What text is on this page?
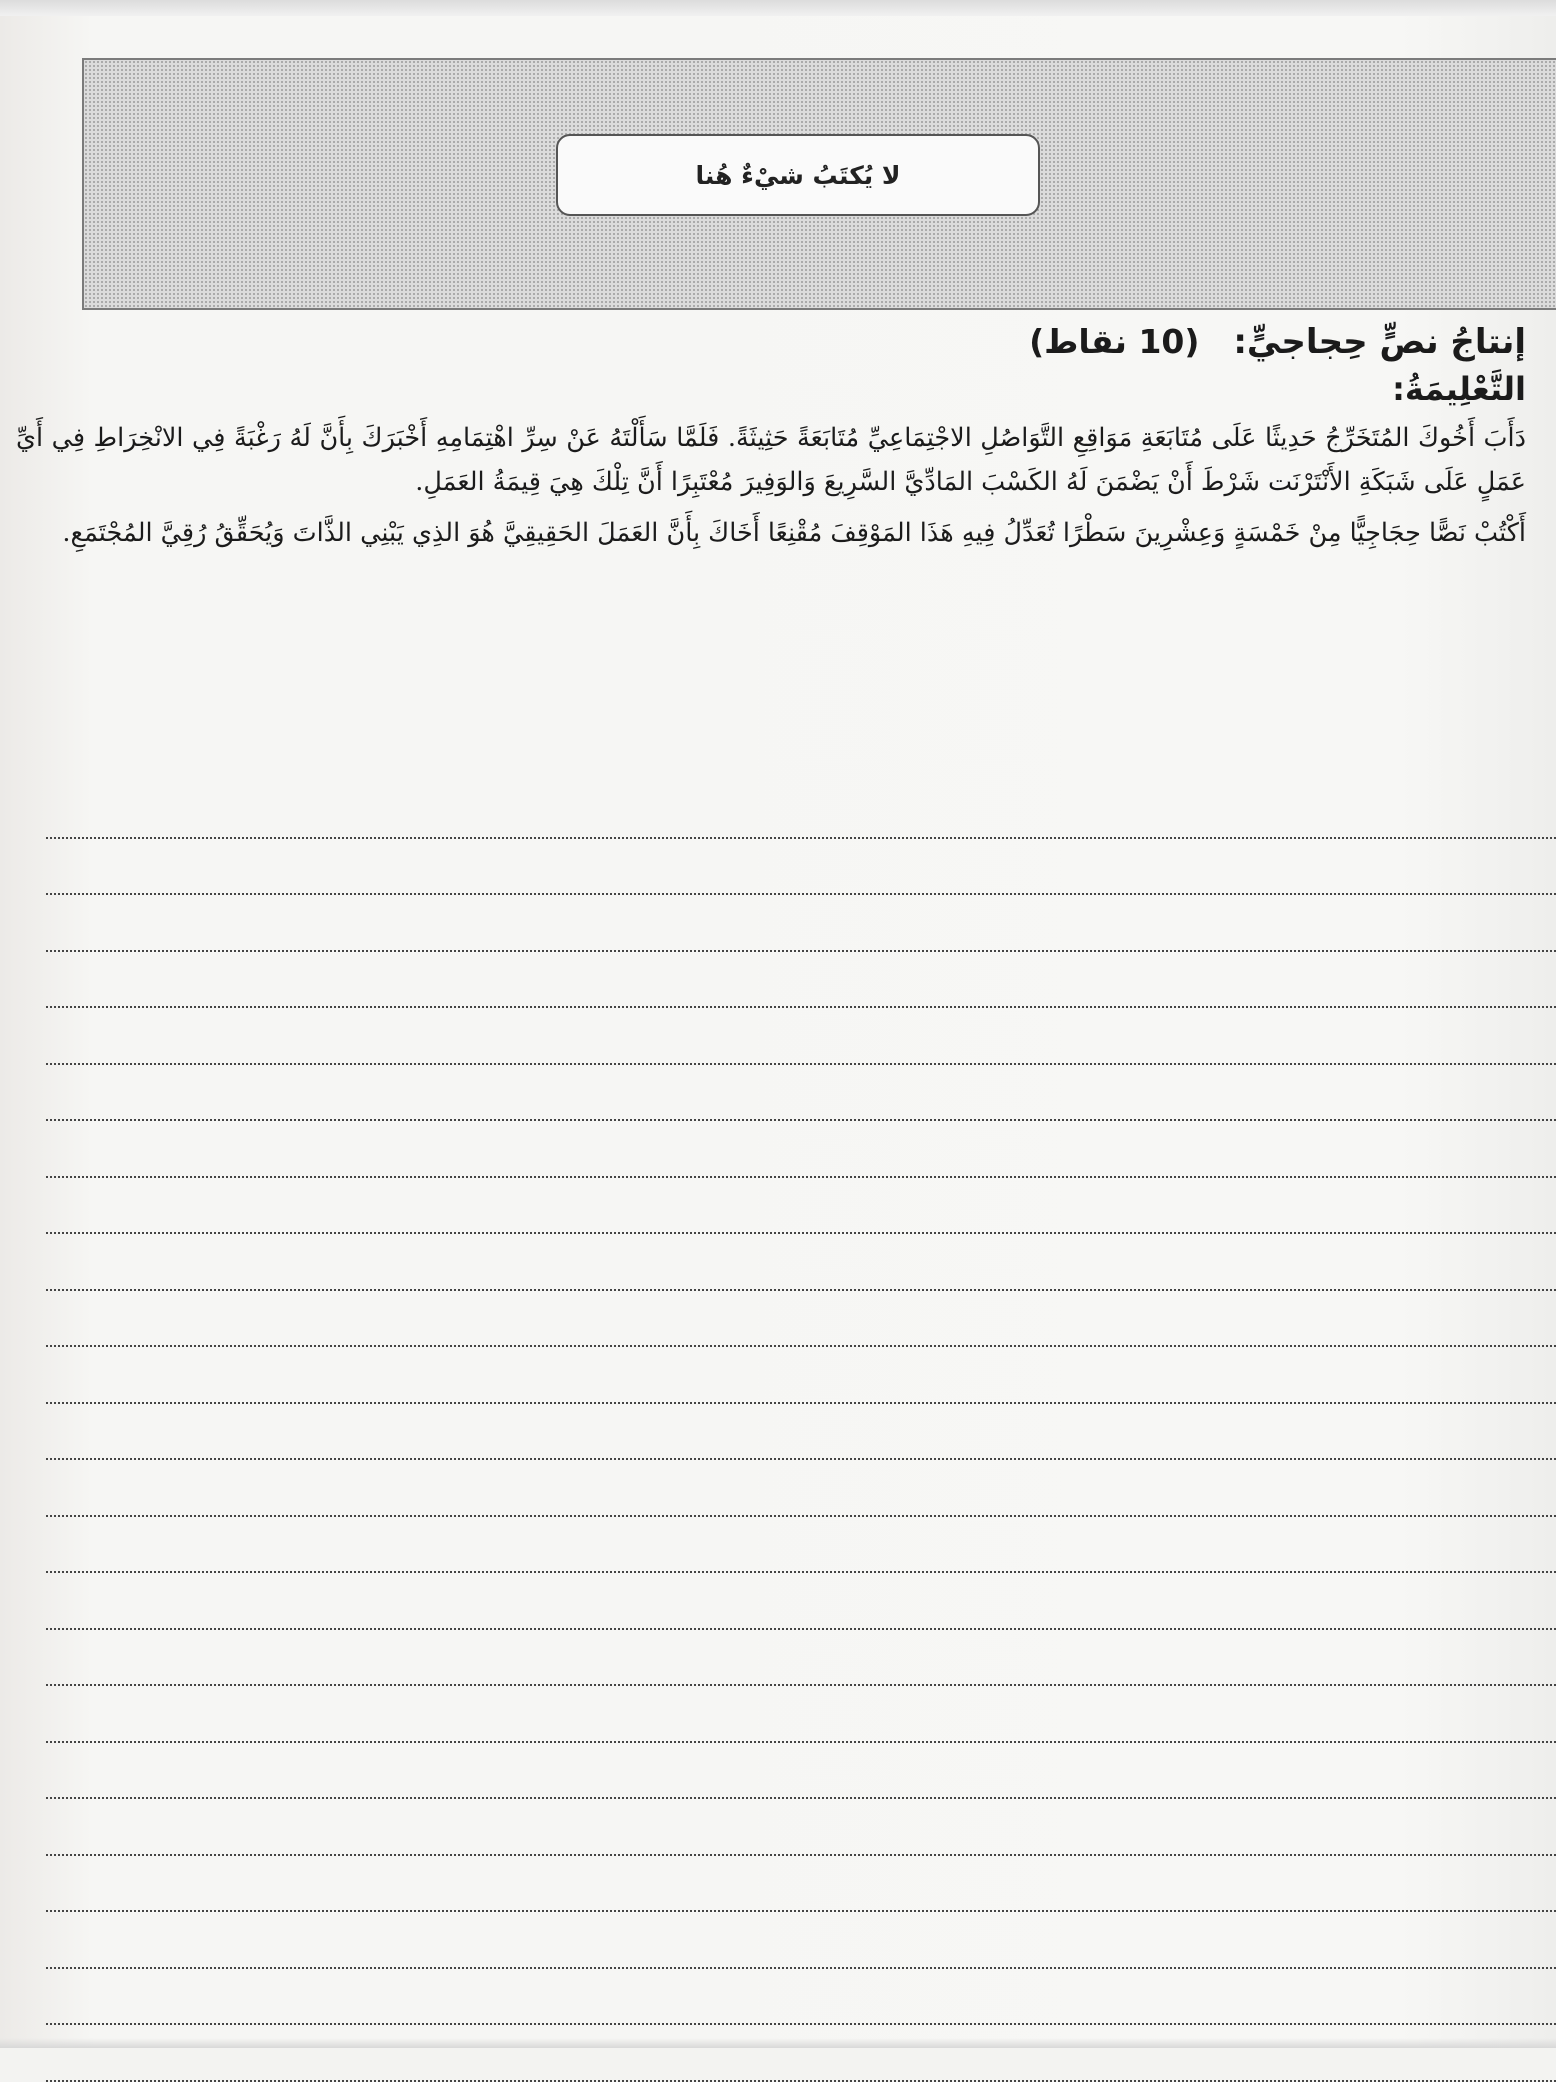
لا يُكتَبُ شيْءٌ هُنا

إنتاجُ نصٍّ حِجاجيٍّ: (10 نقاط)

التَّعْلِيمَةُ:

دَأَبَ أَخُوكَ المُتَخَرِّجُ حَدِيثًا عَلَى مُتَابَعَةِ مَوَاقِعِ التَّوَاصُلِ الاجْتِمَاعِيِّ مُتَابَعَةً حَثِيثَةً. فَلَمَّا سَأَلْتَهُ عَنْ سِرِّ اهْتِمَامِهِ أَخْبَرَكَ بِأَنَّ لَهُ رَغْبَةً فِي الانْخِرَاطِ فِي أَيِّ عَمَلٍ عَلَى شَبَكَةِ الأَنْتَرْنَت شَرْطَ أَنْ يَضْمَنَ لَهُ الكَسْبَ المَادِّيَّ السَّرِيعَ وَالوَفِيرَ مُعْتَبِرًا أَنَّ تِلْكَ هِيَ قِيمَةُ العَمَلِ.

أَكْتُبْ نَصًّا حِجَاجِيًّا مِنْ خَمْسَةٍ وَعِشْرِينَ سَطْرًا تُعَدِّلُ فِيهِ هَذَا المَوْقِفَ مُقْنِعًا أَخَاكَ بِأَنَّ العَمَلَ الحَقِيقِيَّ هُوَ الذِي يَبْنِي الذَّاتَ وَيُحَقِّقُ رُقِيَّ المُجْتَمَعِ.
